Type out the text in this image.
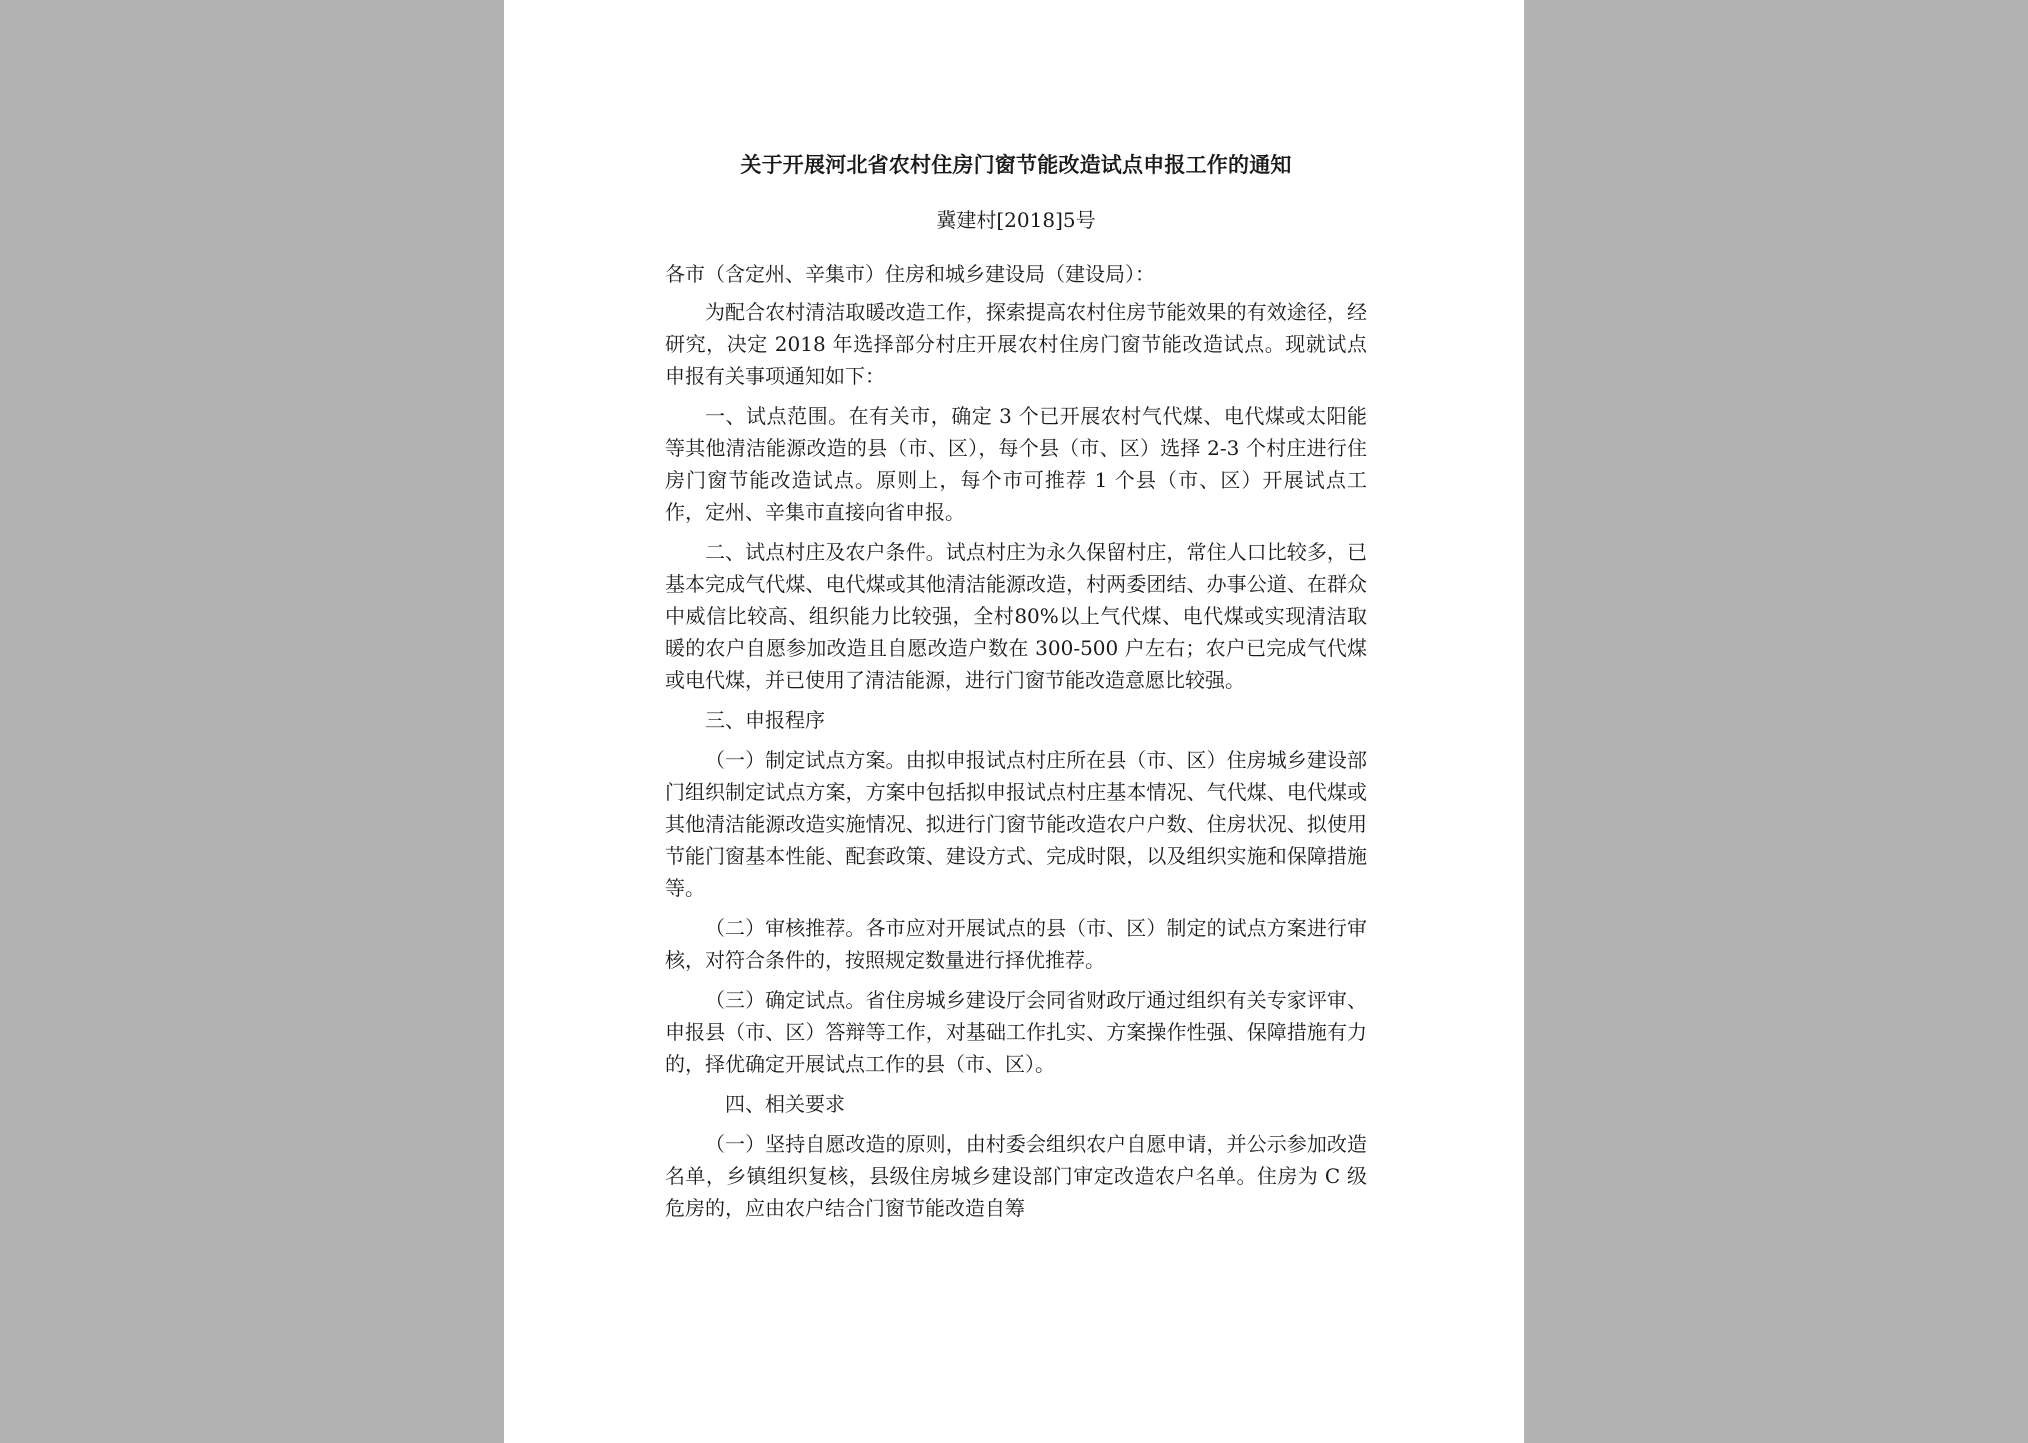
关于开展河北省农村住房门窗节能改造试点申报工作的通知
冀建村[2018]5号
各市（含定州、辛集市）住房和城乡建设局（建设局）：
为配合农村清洁取暖改造工作，探索提高农村住房节能效果的有效途径，经研究，决定 2018 年选择部分村庄开展农村住房门窗节能改造试点。现就试点申报有关事项通知如下：
一、试点范围。在有关市，确定 3 个已开展农村气代煤、电代煤或太阳能等其他清洁能源改造的县（市、区），每个县（市、区）选择 2-3 个村庄进行住房门窗节能改造试点。原则上，每个市可推荐 1 个县（市、区）开展试点工作，定州、辛集市直接向省申报。
二、试点村庄及农户条件。试点村庄为永久保留村庄，常住人口比较多，已基本完成气代煤、电代煤或其他清洁能源改造，村两委团结、办事公道、在群众中威信比较高、组织能力比较强，全村80%以上气代煤、电代煤或实现清洁取暖的农户自愿参加改造且自愿改造户数在 300-500 户左右；农户已完成气代煤或电代煤，并已使用了清洁能源，进行门窗节能改造意愿比较强。
三、申报程序
（一）制定试点方案。由拟申报试点村庄所在县（市、区）住房城乡建设部门组织制定试点方案，方案中包括拟申报试点村庄基本情况、气代煤、电代煤或其他清洁能源改造实施情况、拟进行门窗节能改造农户户数、住房状况、拟使用节能门窗基本性能、配套政策、建设方式、完成时限，以及组织实施和保障措施等。
（二）审核推荐。各市应对开展试点的县（市、区）制定的试点方案进行审核，对符合条件的，按照规定数量进行择优推荐。
（三）确定试点。省住房城乡建设厅会同省财政厅通过组织有关专家评审、申报县（市、区）答辩等工作，对基础工作扎实、方案操作性强、保障措施有力的，择优确定开展试点工作的县（市、区）。
四、相关要求
（一）坚持自愿改造的原则，由村委会组织农户自愿申请，并公示参加改造名单，乡镇组织复核，县级住房城乡建设部门审定改造农户名单。住房为 C 级危房的，应由农户结合门窗节能改造自筹
